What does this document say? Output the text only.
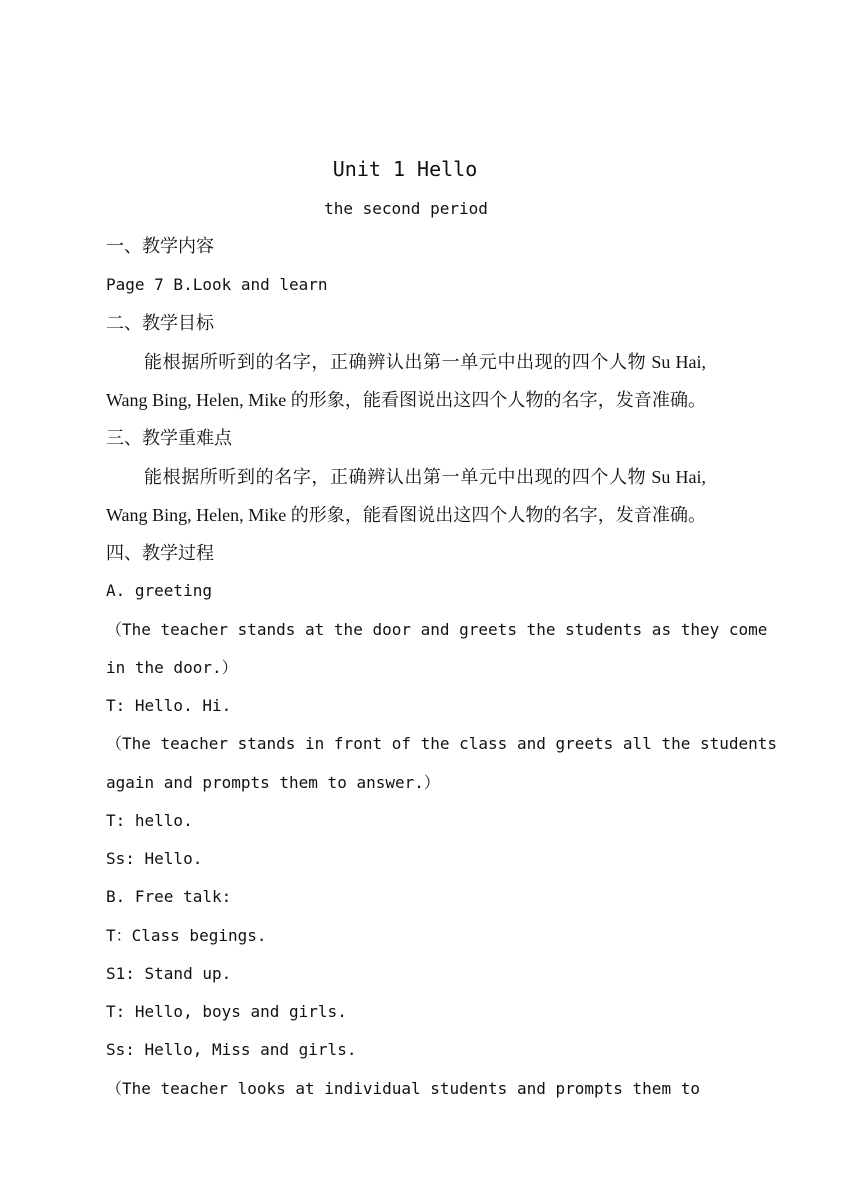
Unit 1 Hello
the second period
一、教学内容
Page 7 B.Look and learn
二、教学目标
能根据所听到的名字，正确辨认出第一单元中出现的四个人物 Su Hai,
Wang Bing, Helen, Mike 的形象，能看图说出这四个人物的名字，发音准确。
三、教学重难点
能根据所听到的名字，正确辨认出第一单元中出现的四个人物 Su Hai,
Wang Bing, Helen, Mike 的形象，能看图说出这四个人物的名字，发音准确。
四、教学过程
A. greeting
（The teacher stands at the door and greets the students as they come
in the door.）
T: Hello. Hi.
（The teacher stands in front of the class and greets all the students
again and prompts them to answer.）
T: hello.
Ss: Hello.
B. Free talk:
T：Class begings.
S1: Stand up.
T: Hello, boys and girls.
Ss: Hello, Miss and girls.
（The teacher looks at individual students and prompts them to
